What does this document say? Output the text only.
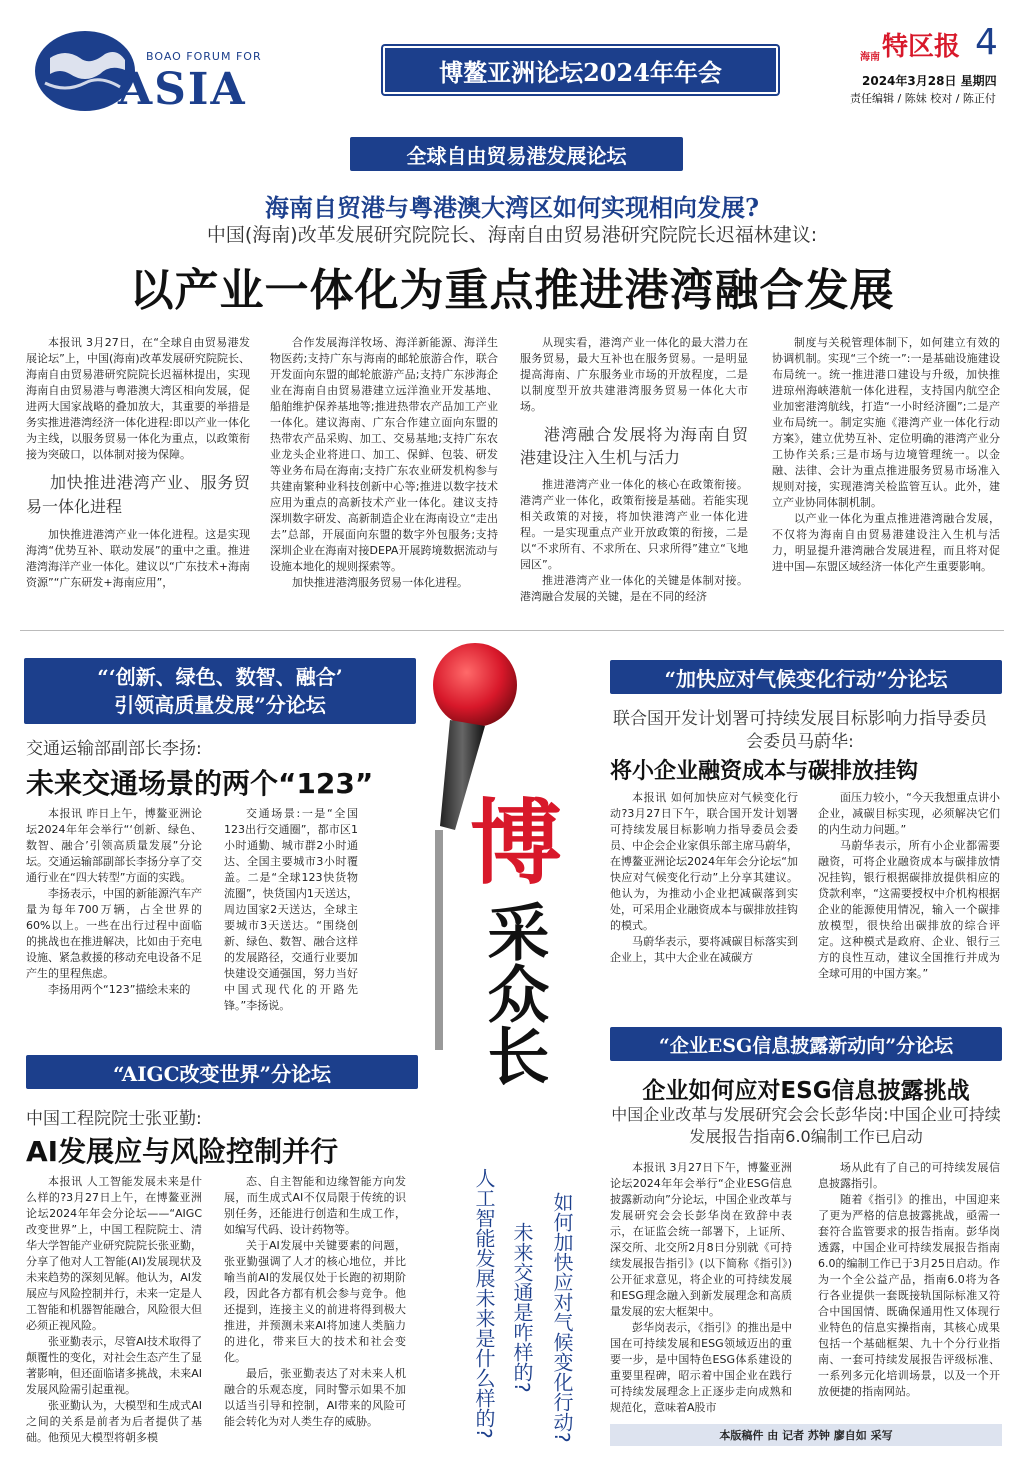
BOAO FORUM FOR
ASIA	博鳌亚洲论坛2024年年会	海南 特区报 4
2024年3月28日 星期四
责任编辑 / 陈妹 校对 / 陈正付
全球自由贸易港发展论坛
海南自贸港与粤港澳大湾区如何实现相向发展?
中国(海南)改革发展研究院院长、海南自由贸易港研究院院长迟福林建议:
以产业一体化为重点推进港湾融合发展

本报讯 3月27日，在“全球自由贸易港发展论坛”上，中国(海南)改革发展研究院院长、海南自由贸易港研究院院长迟福林提出，实现海南自由贸易港与粤港澳大湾区相向发展，促进两大国家战略的叠加放大，其重要的举措是务实推进港湾经济一体化进程:即以产业一体化为主线，以服务贸易一体化为重点，以政策衔接为突破口，以体制对接为保障。

加快推进港湾产业、服务贸易一体化进程

加快推进港湾产业一体化进程。这是实现海湾“优势互补、联动发展”的重中之重。推进港湾海洋产业一体化。建议以“广东技术+海南资源”“广东研发+海南应用”，

合作发展海洋牧场、海洋新能源、海洋生物医药;支持广东与海南的邮轮旅游合作，联合开发面向东盟的邮轮旅游产品;支持广东涉海企业在海南自由贸易港建立远洋渔业开发基地、船舶维护保养基地等;推进热带农产品加工产业一体化。建议海南、广东合作建立面向东盟的热带农产品采购、加工、交易基地;支持广东农业龙头企业将进口、加工、保鲜、包装、研发等业务布局在海南;支持广东农业研发机构参与共建南繁种业科技创新中心等;推进以数字技术应用为重点的高新技术产业一体化。建议支持深圳数字研发、高新制造企业在海南设立“走出去”总部，开展面向东盟的数字外包服务;支持深圳企业在海南对接DEPA开展跨境数据流动与设施本地化的规则探索等。

加快推进港湾服务贸易一体化进程。

从现实看，港湾产业一体化的最大潜力在服务贸易，最大互补也在服务贸易。一是明显提高海南、广东服务业市场的开放程度，二是以制度型开放共建港湾服务贸易一体化大市场。

港湾融合发展将为海南自贸港建设注入生机与活力

推进港湾产业一体化的核心在政策衔接。港湾产业一体化，政策衔接是基础。若能实现相关政策的对接，将加快港湾产业一体化进程。一是实现重点产业开放政策的衔接，二是以“不求所有、不求所在、只求所得”建立“飞地园区”。

推进港湾产业一体化的关键是体制对接。港湾融合发展的关键，是在不同的经济

制度与关税管理体制下，如何建立有效的协调机制。实现“三个统一”:一是基础设施建设布局统一。统一推进港口建设与升级，加快推进琼州海峡港航一体化进程，支持国内航空企业加密港湾航线，打造“一小时经济圈”;二是产业布局统一。制定实施《港湾产业一体化行动方案》，建立优势互补、定位明确的港湾产业分工协作关系;三是市场与边境管理统一。以金融、法律、会计为重点推进服务贸易市场准入规则对接，实现港湾关检监管互认。此外，建立产业协同体制机制。

以产业一体化为重点推进港湾融合发展，不仅将为海南自由贸易港建设注入生机与活力，明显提升港湾融合发展进程，而且将对促进中国—东盟区域经济一体化产生重要影响。

博
采众长
如何加快应对气候变化行动?
未来交通是咋样的?
人工智能发展未来是什么样的?
“‘创新、绿色、数智、融合’
引领高质量发展”分论坛
交通运输部副部长李扬:
未来交通场景的两个“123”

本报讯 昨日上午，博鳌亚洲论坛2024年年会举行“‘创新、绿色、数智、融合’引领高质量发展”分论坛。交通运输部副部长李扬分享了交通行业在“四大转型”方面的实践。

李扬表示，中国的新能源汽车产量为每年700万辆，占全世界的60%以上。一些在出行过程中面临的挑战也在推进解决，比如由于充电设施、紧急救援的移动充电设备不足产生的里程焦虑。

李扬用两个“123”描绘未来的

交通场景:一是“全国123出行交通圈”，都市区1小时通勤、城市群2小时通达、全国主要城市3小时覆盖。二是“全球123快货物流圈”，快货国内1天送达，周边国家2天送达，全球主要城市3天送达。“围绕创新、绿色、数智、融合这样的发展路径，交通行业要加快建设交通强国，努力当好中国式现代化的开路先锋。”李扬说。

“AIGC改变世界”分论坛
中国工程院院士张亚勤:
AI发展应与风险控制并行

本报讯 人工智能发展未来是什么样的?3月27日上午，在博鳌亚洲论坛2024年年会分论坛——“AIGC改变世界”上，中国工程院院士、清华大学智能产业研究院院长张亚勤，分享了他对人工智能(AI)发展现状及未来趋势的深刻见解。他认为，AI发展应与风险控制并行，未来一定是人工智能和机器智能融合，风险很大但必须正视风险。

张亚勤表示，尽管AI技术取得了颠覆性的变化，对社会生态产生了显著影响，但还面临诸多挑战，未来AI发展风险需引起重视。

张亚勤认为，大模型和生成式AI之间的关系是前者为后者提供了基础。他预见大模型将朝多模

态、自主智能和边缘智能方向发展，而生成式AI不仅局限于传统的识别任务，还能进行创造和生成工作，如编写代码、设计药物等。

关于AI发展中关键要素的问题，张亚勤强调了人才的核心地位，并比喻当前AI的发展仅处于长跑的初期阶段，因此各方都有机会参与竞争。他还提到，连接主义的前进将得到极大推进，并预测未来AI将加速人类脑力的进化，带来巨大的技术和社会变化。

最后，张亚勤表达了对未来人机融合的乐观态度，同时警示如果不加以适当引导和控制，AI带来的风险可能会转化为对人类生存的威胁。

“加快应对气候变化行动”分论坛
联合国开发计划署可持续发展目标影响力指导委员会委员马蔚华:
将小企业融资成本与碳排放挂钩

本报讯 如何加快应对气候变化行动?3月27日下午，联合国开发计划署可持续发展目标影响力指导委员会委员、中企会企业家俱乐部主席马蔚华，在博鳌亚洲论坛2024年年会分论坛“加快应对气候变化行动”上分享其建议。他认为，为推动小企业把减碳落到实处，可采用企业融资成本与碳排放挂钩的模式。

马蔚华表示，要将减碳目标落实到企业上，其中大企业在减碳方

面压力较小，“今天我想重点讲小企业，减碳目标实现，必须解决它们的内生动力问题。”

马蔚华表示，所有小企业都需要融资，可将企业融资成本与碳排放情况挂钩，银行根据碳排放提供相应的贷款利率，“这需要授权中介机构根据企业的能源使用情况，输入一个碳排放模型，很快给出碳排放的综合评定。这种模式是政府、企业、银行三方的良性互动，建议全国推行并成为全球可用的中国方案。”

“企业ESG信息披露新动向”分论坛
企业如何应对ESG信息披露挑战
中国企业改革与发展研究会会长彭华岗:中国企业可持续发展报告指南6.0编制工作已启动

本报讯 3月27日下午，博鳌亚洲论坛2024年年会举行“企业ESG信息披露新动向”分论坛，中国企业改革与发展研究会会长彭华岗在致辞中表示，在证监会统一部署下，上证所、深交所、北交所2月8日分别就《可持续发展报告指引》(以下简称《指引》)公开征求意见，将企业的可持续发展和ESG理念融入到新发展理念和高质量发展的宏大框架中。

彭华岗表示，《指引》的推出是中国在可持续发展和ESG领域迈出的重要一步，是中国特色ESG体系建设的重要里程碑，昭示着中国企业在践行可持续发展理念上正逐步走向成熟和规范化，意味着A股市

场从此有了自己的可持续发展信息披露指引。

随着《指引》的推出，中国迎来了更为严格的信息披露挑战，亟需一套符合监管要求的报告指南。彭华岗透露，中国企业可持续发展报告指南6.0的编制工作已于3月25日启动。作为一个全公益产品，指南6.0将为各行各业提供一套既接轨国际标准又符合中国国情、既确保通用性又体现行业特色的信息实操指南，其核心成果包括一个基础框架、九十个分行业指南、一套可持续发展报告评级标准、一系列多元化培训场景，以及一个开放便捷的指南网站。

本版稿件 由 记者 苏钟 廖自如 采写
